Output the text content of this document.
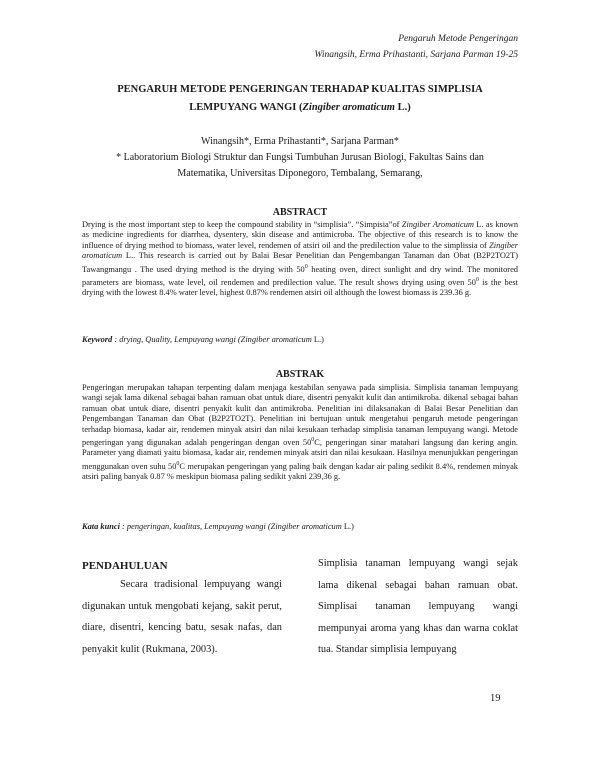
Pengaruh Metode Pengeringan
Winangsih, Erma Prihastanti, Sarjana Parman 19-25
PENGARUH METODE PENGERINGAN TERHADAP KUALITAS SIMPLISIA
LEMPUYANG WANGI (Zingiber aromaticum L.)
Winangsih*, Erma Prihastanti*, Sarjana Parman*
* Laboratorium Biologi Struktur dan Fungsi Tumbuhan Jurusan Biologi, Fakultas Sains dan
Matematika, Universitas Diponegoro, Tembalang, Semarang,
ABSTRACT
Drying is the most important step to keep the compound stability in “simplisia”. “Simpisia”of Zingiber Aromaticum L. as known as medicine ingredients for diarrhea, dysentery, skin disease and antimicroba. The objective of this research is to know the influence of drying method to biomass, water level, rendemen of atsiri oil and the predilection value to the simplissia of Zingiber aromaticum L.. This research is carried out by Balai Besar Penelitian dan Pengembangan Tanaman dan Obat (B2P2TO2T) Tawangmangu . The used drying method is the drying with $50^0$ heating oven, direct sunlight and dry wind. The monitored parameters are biomass, wate level, oil rendemen and predilection value. The result shows drying using oven $50^0$ is the best drying with the lowest 8.4% water level, highest 0.87% rendemen atsiri oil although the lowest biomass is 239.36 g.
Keyword : drying, Quality, Lempuyang wangi (Zingiber aromaticum L.)
ABSTRAK
Pengeringan merupakan tahapan terpenting dalam menjaga kestabilan senyawa pada simplisia. Simplisia tanaman lempuyang wangi sejak lama dikenal sebagai bahan ramuan obat untuk diare, disentri penyakit kulit dan antimikroba. dikenal sebagai bahan ramuan obat untuk diare, disentri penyakit kulit dan antimikroba. Penelitian ini dilaksanakan di Balai Besar Penelitian dan Pengembangan Tanaman dan Obat (B2P2TO2T). Penelitian ini bertujuan untuk mengetahui pengaruh metode pengeringan terhadap biomasa, kadar air, rendemen minyak atsiri dan nilai kesukaan terhadap simplisia tanaman lempuyang wangi. Metode pengeringan yang digunakan adalah pengeringan dengan oven $50^0C$, pengeringan sinar matahari langsung dan kering angin. Parameter yang diamati yaitu biomasa, kadar air, rendemen minyak atsiri dan nilai kesukaan. Hasilnya menunjukkan pengeringan menggunakan oven suhu $50^0C$ merupakan pengeringan yang paling baik dengan kadar air paling sedikit 8.4%, rendemen minyak atsiri paling banyak 0.87 % meskipun biomasa paling sedikit yakni 239,36 g.
Kata kunci : pengeringan, kualitas, Lempuyang wangi (Zingiber aromaticum L.)
PENDAHULUAN
Secara tradisional lempuyang wangi digunakan untuk mengobati kejang, sakit perut, diare, disentri, kencing batu, sesak nafas, dan penyakit kulit (Rukmana, 2003).
Simplisia tanaman lempuyang wangi sejak lama dikenal sebagai bahan ramuan obat. Simplisai tanaman lempuyang wangi mempunyai aroma yang khas dan warna coklat tua. Standar simplisia lempuyang
19
